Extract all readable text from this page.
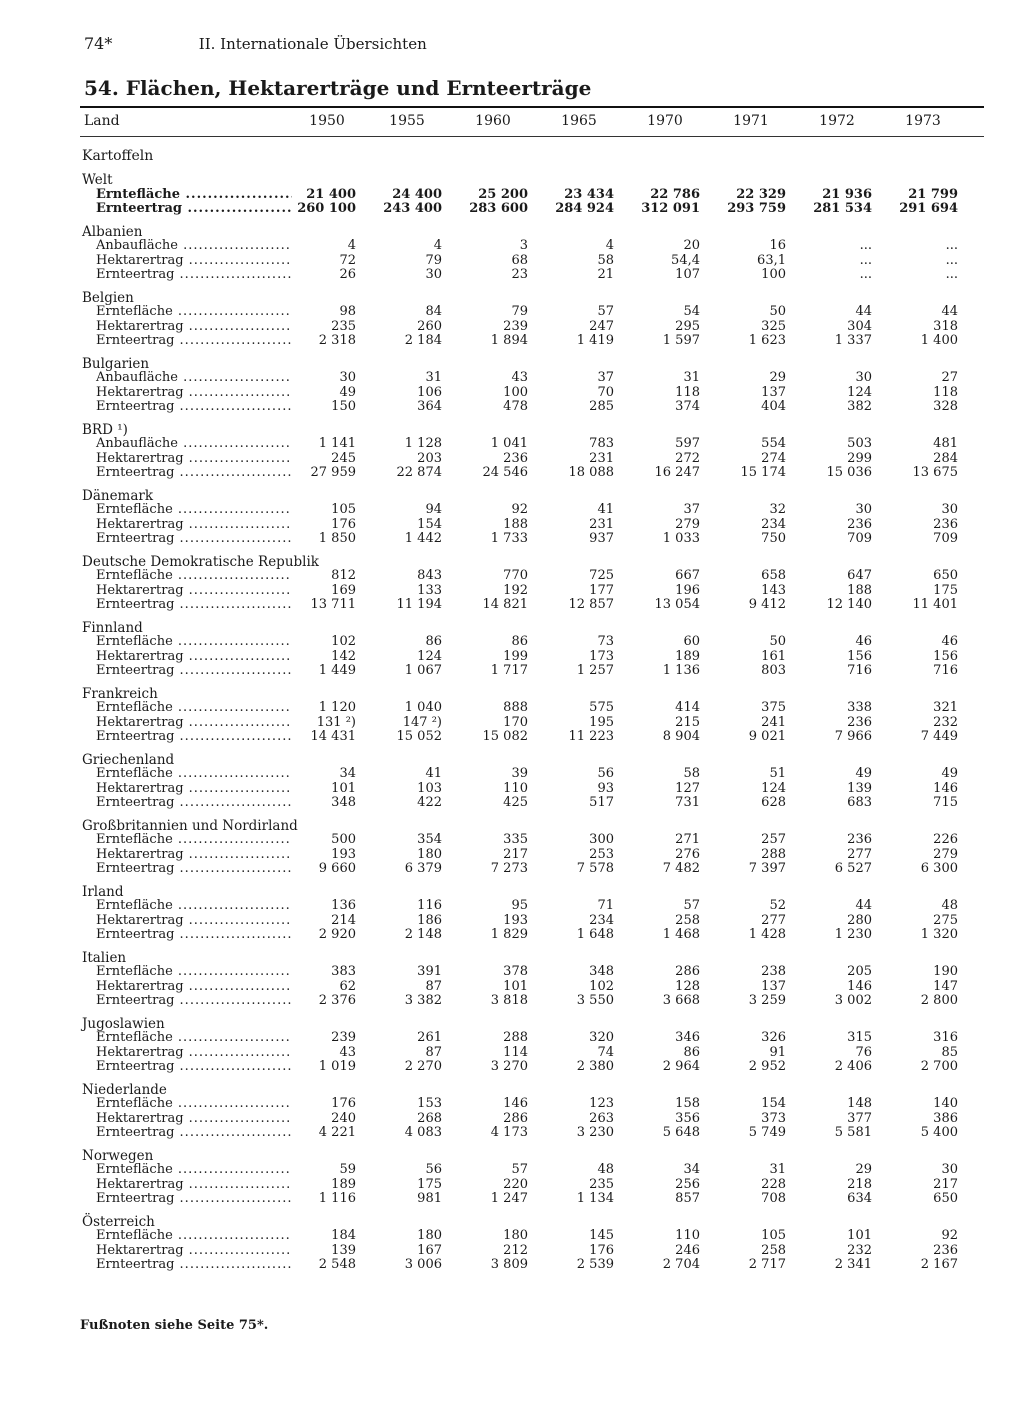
74*	II. Internationale Übersichten
54. Flächen, Hektarerträge und Ernteerträge
Land	1950	1955	1960	1965	1970	1971	1972	1973
Kartoffeln
Welt
Erntefläche .....	21 400	24 400	25 200	23 434	22 786	22 329	21 936	21 799
Ernteertrag .....	260 100	243 400	283 600	284 924	312 091	293 759	281 534	291 694
Albanien
Anbaufläche .....	4	4	3	4	20	16	...	...
Hektarertrag .....	72	79	68	58	54,4	63,1	...	...
Ernteertrag .....	26	30	23	21	107	100	...	...
Belgien
Erntefläche .....	98	84	79	57	54	50	44	44
Hektarertrag .....	235	260	239	247	295	325	304	318
Ernteertrag .....	2 318	2 184	1 894	1 419	1 597	1 623	1 337	1 400
Bulgarien
Anbaufläche .....	30	31	43	37	31	29	30	27
Hektarertrag .....	49	106	100	70	118	137	124	118
Ernteertrag .....	150	364	478	285	374	404	382	328
BRD ¹)
Anbaufläche .....	1 141	1 128	1 041	783	597	554	503	481
Hektarertrag .....	245	203	236	231	272	274	299	284
Ernteertrag .....	27 959	22 874	24 546	18 088	16 247	15 174	15 036	13 675
Dänemark
Erntefläche .....	105	94	92	41	37	32	30	30
Hektarertrag .....	176	154	188	231	279	234	236	236
Ernteertrag .....	1 850	1 442	1 733	937	1 033	750	709	709
Deutsche Demokratische Republik
Erntefläche .....	812	843	770	725	667	658	647	650
Hektarertrag .....	169	133	192	177	196	143	188	175
Ernteertrag .....	13 711	11 194	14 821	12 857	13 054	9 412	12 140	11 401
Finnland
Erntefläche .....	102	86	86	73	60	50	46	46
Hektarertrag .....	142	124	199	173	189	161	156	156
Ernteertrag .....	1 449	1 067	1 717	1 257	1 136	803	716	716
Frankreich
Erntefläche .....	1 120	1 040	888	575	414	375	338	321
Hektarertrag .....	131 ²)	147 ²)	170	195	215	241	236	232
Ernteertrag .....	14 431	15 052	15 082	11 223	8 904	9 021	7 966	7 449
Griechenland
Erntefläche .....	34	41	39	56	58	51	49	49
Hektarertrag .....	101	103	110	93	127	124	139	146
Ernteertrag .....	348	422	425	517	731	628	683	715
Großbritannien und Nordirland
Erntefläche .....	500	354	335	300	271	257	236	226
Hektarertrag .....	193	180	217	253	276	288	277	279
Ernteertrag .....	9 660	6 379	7 273	7 578	7 482	7 397	6 527	6 300
Irland
Erntefläche .....	136	116	95	71	57	52	44	48
Hektarertrag .....	214	186	193	234	258	277	280	275
Ernteertrag .....	2 920	2 148	1 829	1 648	1 468	1 428	1 230	1 320
Italien
Erntefläche .....	383	391	378	348	286	238	205	190
Hektarertrag .....	62	87	101	102	128	137	146	147
Ernteertrag .....	2 376	3 382	3 818	3 550	3 668	3 259	3 002	2 800
Jugoslawien
Erntefläche .....	239	261	288	320	346	326	315	316
Hektarertrag .....	43	87	114	74	86	91	76	85
Ernteertrag .....	1 019	2 270	3 270	2 380	2 964	2 952	2 406	2 700
Niederlande
Erntefläche .....	176	153	146	123	158	154	148	140
Hektarertrag .....	240	268	286	263	356	373	377	386
Ernteertrag .....	4 221	4 083	4 173	3 230	5 648	5 749	5 581	5 400
Norwegen
Erntefläche .....	59	56	57	48	34	31	29	30
Hektarertrag .....	189	175	220	235	256	228	218	217
Ernteertrag .....	1 116	981	1 247	1 134	857	708	634	650
Österreich
Erntefläche .....	184	180	180	145	110	105	101	92
Hektarertrag .....	139	167	212	176	246	258	232	236
Ernteertrag .....	2 548	3 006	3 809	2 539	2 704	2 717	2 341	2 167
Fußnoten siehe Seite 75*.
